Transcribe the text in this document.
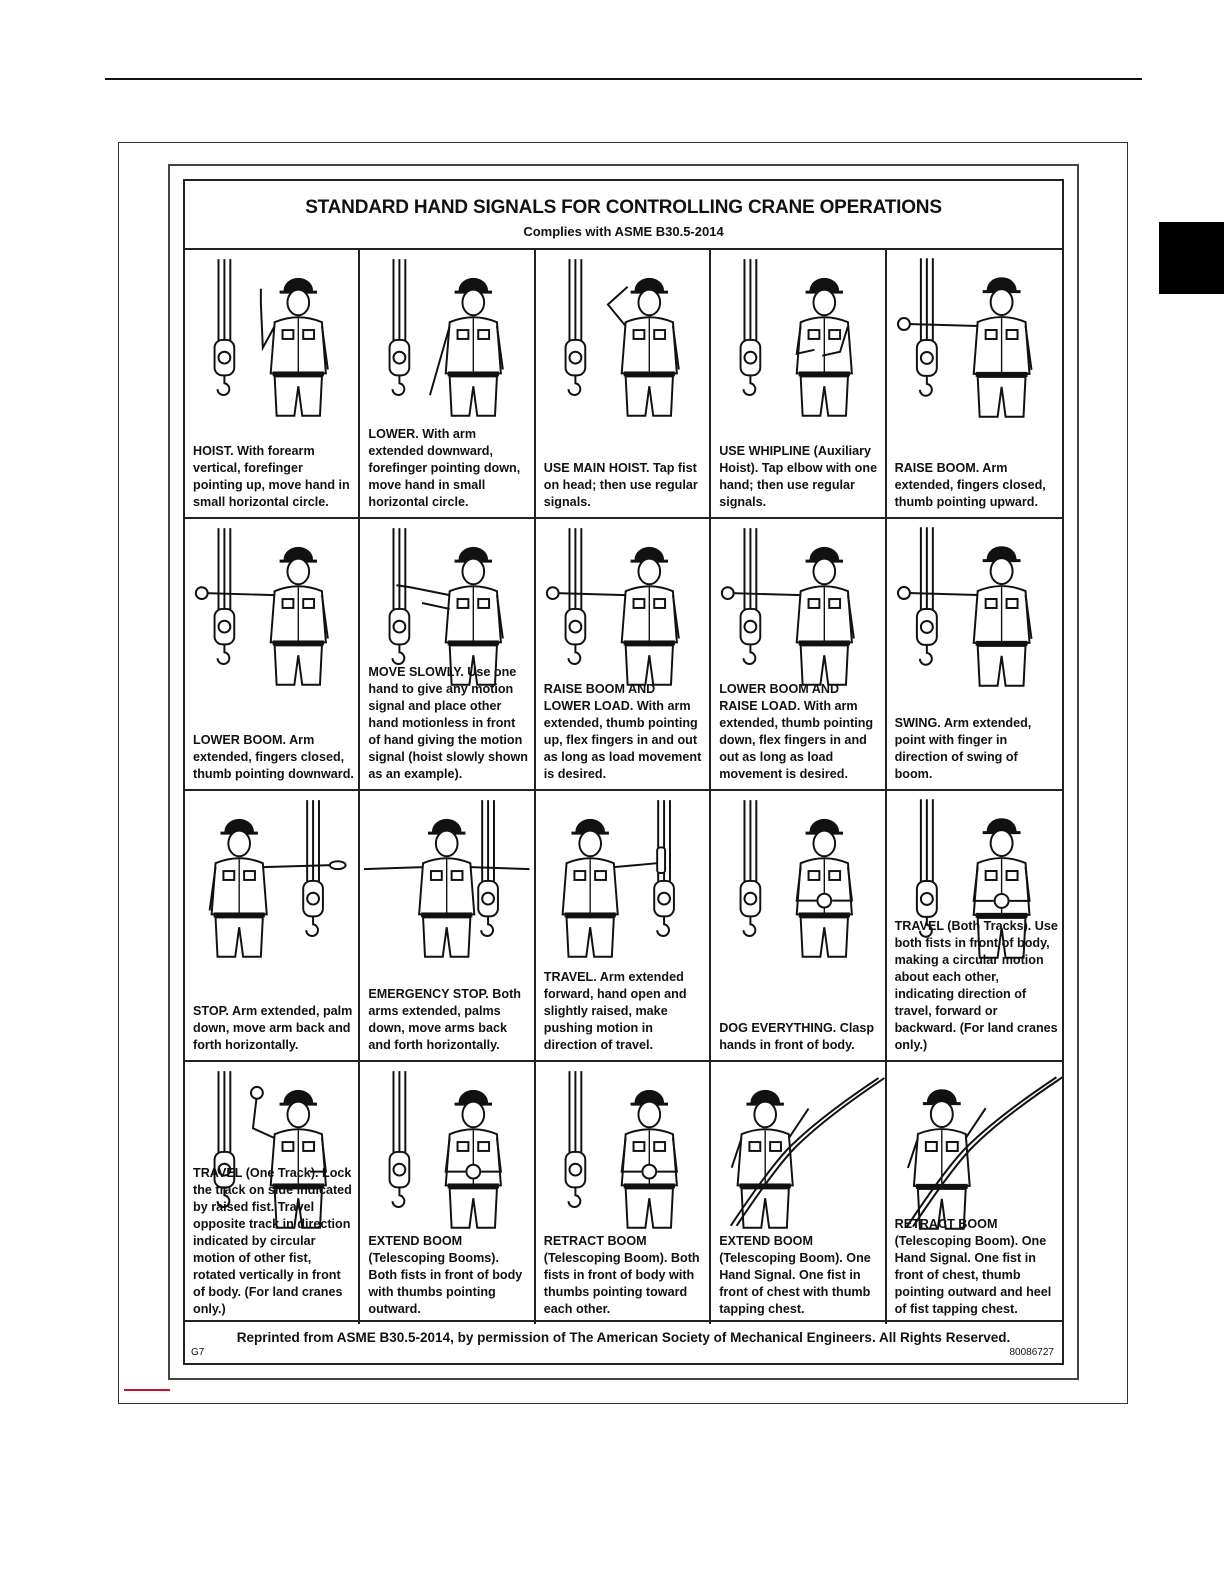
STANDARD HAND SIGNALS FOR CONTROLLING CRANE OPERATIONS
Complies with ASME B30.5-2014
HOIST. With forearm vertical, forefinger pointing up, move hand in small horizontal circle.
LOWER. With arm extended downward, forefinger pointing down, move hand in small horizontal circle.
USE MAIN HOIST. Tap fist on head; then use regular signals.
USE WHIPLINE (Auxiliary Hoist). Tap elbow with one hand; then use regular signals.
RAISE BOOM. Arm extended, fingers closed, thumb pointing upward.
LOWER BOOM. Arm extended, fingers closed, thumb pointing downward.
MOVE SLOWLY. Use one hand to give any motion signal and place other hand motionless in front of hand giving the motion signal (hoist slowly shown as an example).
RAISE BOOM AND LOWER LOAD. With arm extended, thumb pointing up, flex fingers in and out as long as load movement is desired.
LOWER BOOM AND RAISE LOAD. With arm extended, thumb pointing down, flex fingers in and out as long as load movement is desired.
SWING. Arm extended, point with finger in direction of swing of boom.
STOP. Arm extended, palm down, move arm back and forth horizontally.
EMERGENCY STOP. Both arms extended, palms down, move arms back and forth horizontally.
TRAVEL. Arm extended forward, hand open and slightly raised, make pushing motion in direction of travel.
DOG EVERYTHING. Clasp hands in front of body.
TRAVEL (Both Tracks). Use both fists in front of body, making a circular motion about each other, indicating direction of travel, forward or backward. (For land cranes only.)
TRAVEL (One Track). Lock the track on side indicated by raised fist. Travel opposite track in direction indicated by circular motion of other fist, rotated vertically in front of body. (For land cranes only.)
EXTEND BOOM (Telescoping Booms). Both fists in front of body with thumbs pointing outward.
RETRACT BOOM (Telescoping Boom). Both fists in front of body with thumbs pointing toward each other.
EXTEND BOOM (Telescoping Boom). One Hand Signal. One fist in front of chest with thumb tapping chest.
RETRACT BOOM (Telescoping Boom). One Hand Signal. One fist in front of chest, thumb pointing outward and heel of fist tapping chest.
Reprinted from ASME B30.5-2014, by permission of The American Society of Mechanical Engineers. All Rights Reserved.
G7	80086727
